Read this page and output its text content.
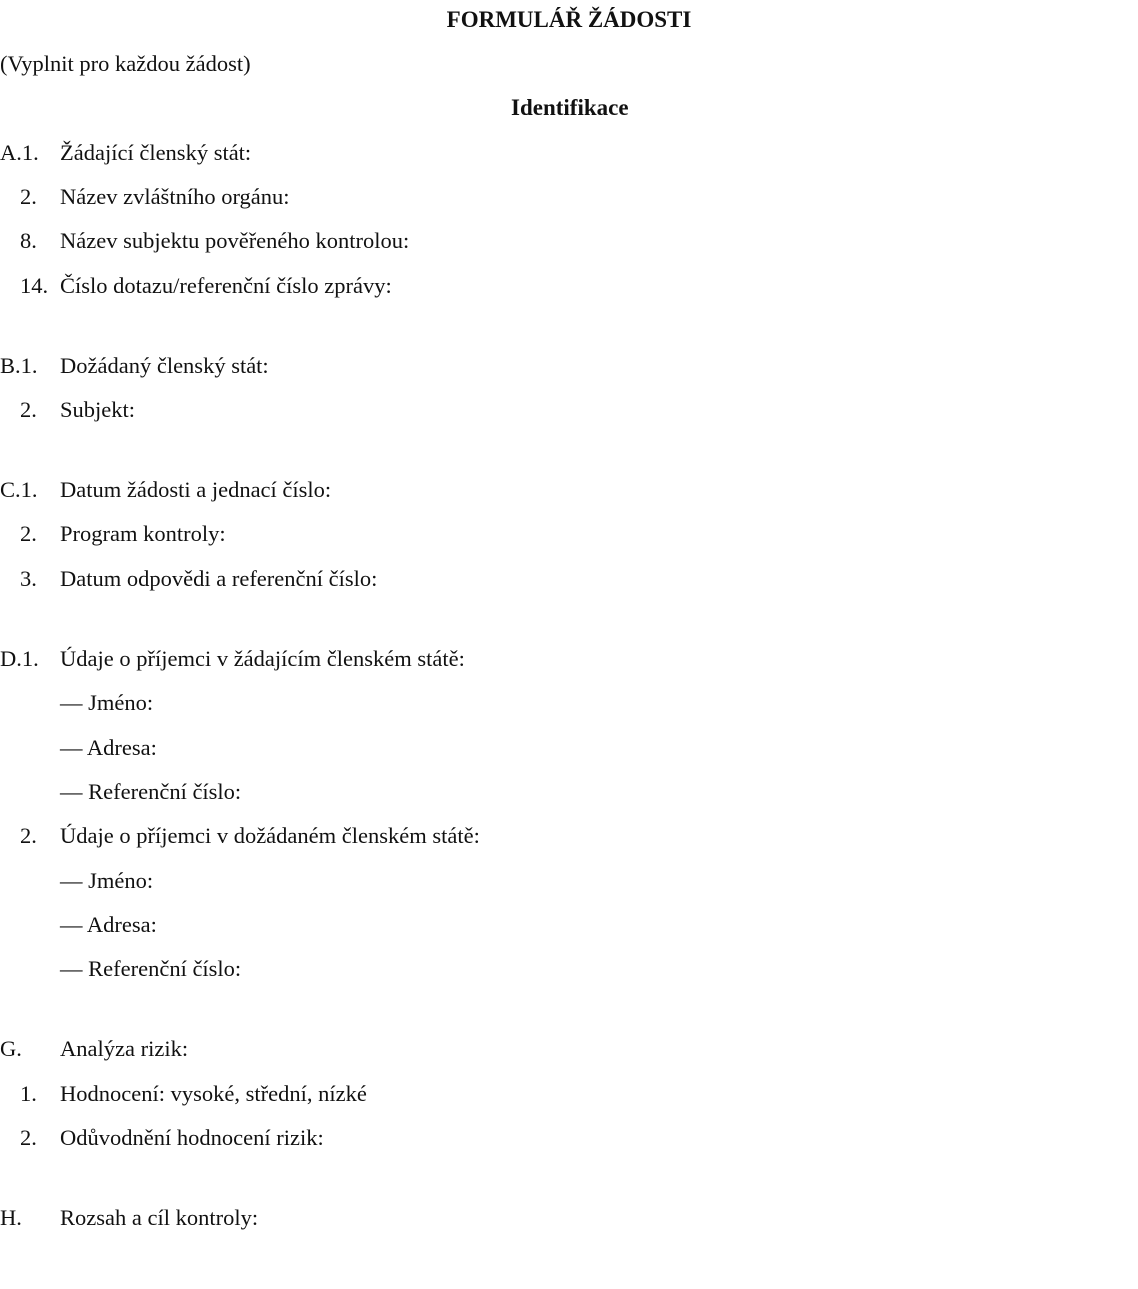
FORMULÁŘ ŽÁDOSTI
(Vyplnit pro každou žádost)
Identifikace
A.1. Žádající členský stát:
2. Název zvláštního orgánu:
8. Název subjektu pověřeného kontrolou:
14. Číslo dotazu/referenční číslo zprávy:
B.1. Dožádaný členský stát:
2. Subjekt:
C.1. Datum žádosti a jednací číslo:
2. Program kontroly:
3. Datum odpovědi a referenční číslo:
D.1. Údaje o příjemci v žádajícím členském státě:
— Jméno:
— Adresa:
— Referenční číslo:
2. Údaje o příjemci v dožádaném členském státě:
— Jméno:
— Adresa:
— Referenční číslo:
G. Analýza rizik:
1. Hodnocení: vysoké, střední, nízké
2. Odůvodnění hodnocení rizik:
H. Rozsah a cíl kontroly:
